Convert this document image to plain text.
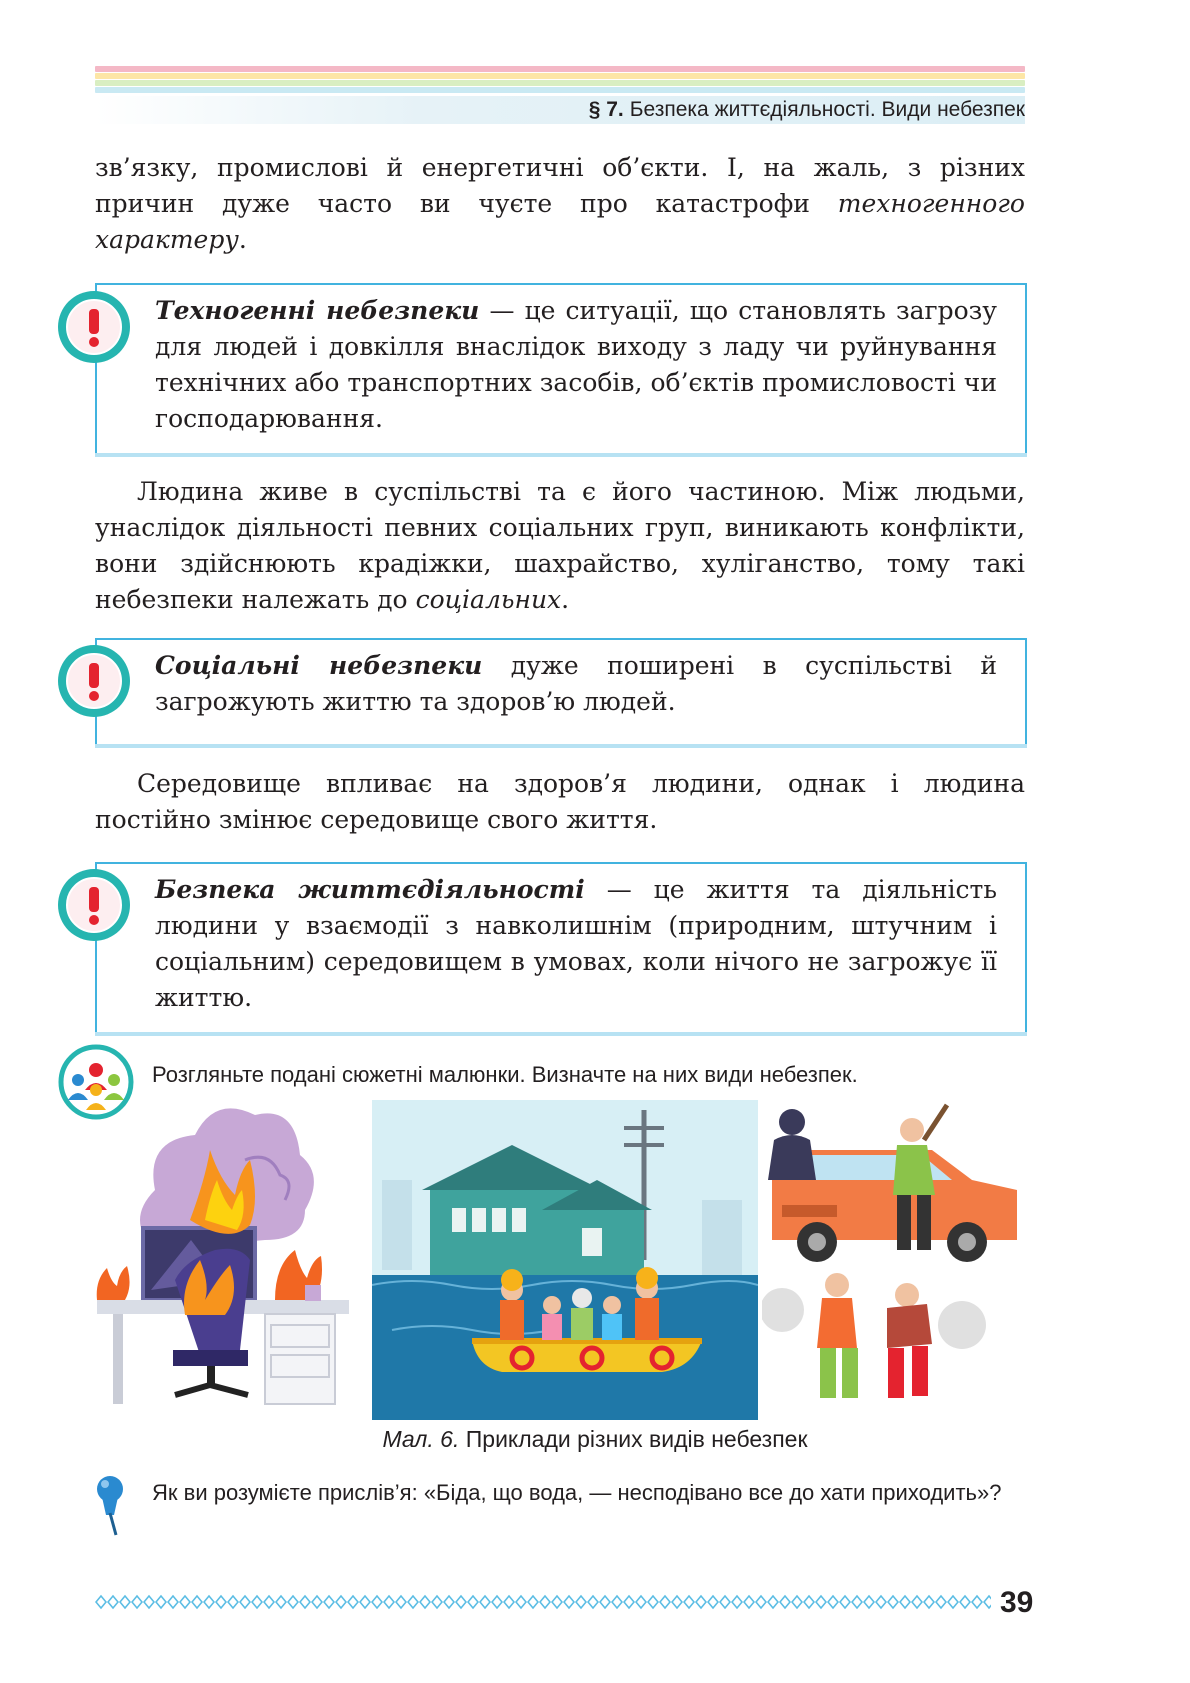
§ 7. Безпека життєдіяльності. Види небезпек

зв’язку, промислові й енергетичні об’єкти. І, на жаль, з різних причин дуже часто ви чуєте про катастрофи техногенного характеру.

Техногенні небезпеки — це ситуації, що становлять загрозу для людей і довкілля внаслідок виходу з ладу чи руйнування технічних або транспортних засобів, об’єктів промисловості чи господарювання.

Людина живе в суспільстві та є його частиною. Між людьми, унаслідок діяльності певних соціальних груп, виникають конфлікти, вони здійснюють крадіжки, шахрайство, хуліганство, тому такі небезпеки належать до соціальних.

Соціальні небезпеки дуже поширені в суспільстві й загрожують життю та здоров’ю людей.

Середовище впливає на здоров’я людини, однак і людина постійно змінює середовище свого життя.

Безпека життєдіяльності — це життя та діяльність людини у взаємодії з навколишнім (природним, штучним і соціальним) середовищем в умовах, коли нічого не загрожує її життю.

Розгляньте подані сюжетні малюнки. Визначте на них види небезпек.
Мал. 6. Приклади різних видів небезпек
Як ви розумієте прислів’я: «Біда, що вода, — несподівано все до хати приходить»?
39
